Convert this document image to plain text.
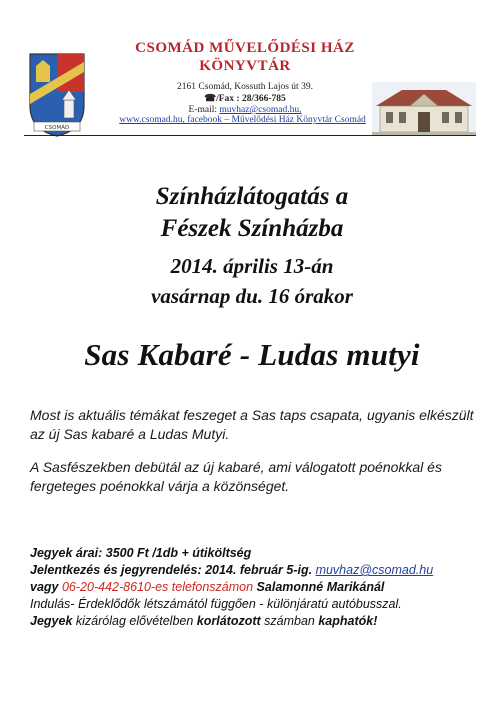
CSOMÁD
CSOMÁD MŰVELŐDÉSI HÁZ
KÖNYVTÁR
2161 Csomád, Kossuth Lajos út 39.
☎/Fax : 28/366-785
E-mail: muvhaz@csomad.hu,
www.csomad.hu, facebook – Művelődési Ház Könyvtár Csomád
Színházlátogatás a
Fészek Színházba
2014. április 13-án
vasárnap du. 16 órakor
Sas Kabaré - Ludas mutyi
Most is aktuális témákat feszeget a Sas taps csapata, ugyanis elkészült az új Sas kabaré a Ludas Mutyi.
A Sasfészekben debütál az új kabaré, ami válogatott poénokkal és fergeteges poénokkal várja a közönséget.
Jegyek árai: 3500 Ft /1db + útiköltség
Jelentkezés és jegyrendelés: 2014. február 5-ig. muvhaz@csomad.hu
vagy 06-20-442-8610-es telefonszámon Salamonné Marikánál
Indulás- Érdeklődők létszámától függően - különjáratú autóbusszal.
Jegyek kizárólag elővételben korlátozott számban kaphatók!
